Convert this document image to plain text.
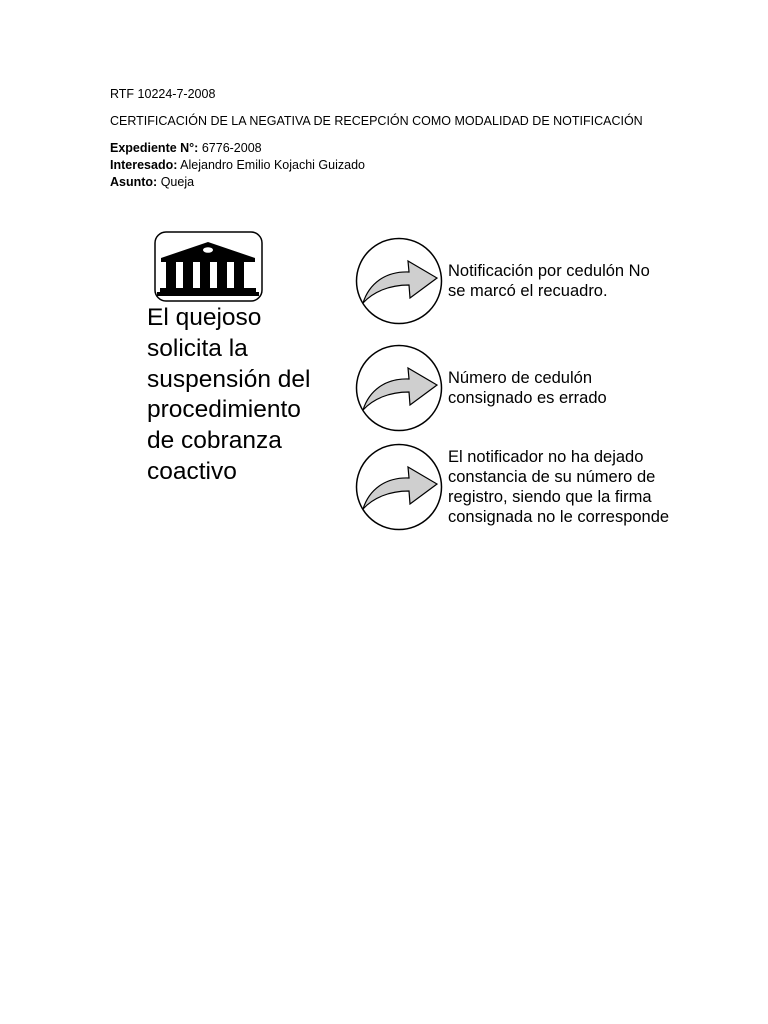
RTF 10224-7-2008
CERTIFICACIÓN DE LA NEGATIVA DE RECEPCIÓN COMO MODALIDAD DE NOTIFICACIÓN
Expediente N°: 6776-2008
Interesado: Alejandro Emilio Kojachi Guizado
Asunto: Queja
El quejoso
solicita la
suspensión del
procedimiento
de cobranza
coactivo
Notificación por cedulón No
se marcó el recuadro.
Número de cedulón
consignado es errado
El notificador no ha dejado
constancia de su número de
registro, siendo que la firma
consignada no le corresponde
